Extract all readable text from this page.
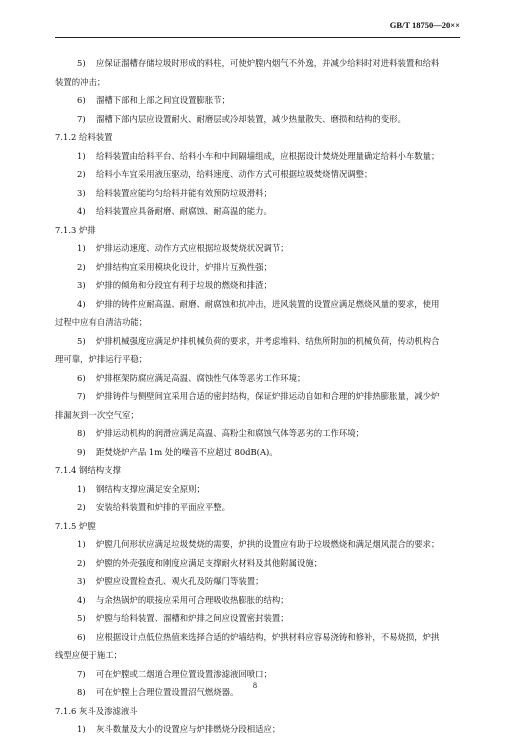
GB/T 18750—20××
5) 应保证溜槽存储垃圾时形成的料柱，可使炉膛内烟气不外逸，并减少给料时对进料装置和给料
装置的冲击；
6) 溜槽下部和上部之间宜设置膨胀节；
7) 溜槽下部内层应设置耐火、耐磨层或冷却装置，减少热量散失、磨损和结构的变形。
7.1.2 给料装置
1) 给料装置由给料平台、给料小车和中间隔墙组成，应根据设计焚烧处理量确定给料小车数量；
2) 给料小车宜采用液压驱动，给料速度、动作方式可根据垃圾焚烧情况调整；
3) 给料装置应能均匀给料并能有效预防垃圾滑料；
4) 给料装置应具备耐磨、耐腐蚀、耐高温的能力。
7.1.3 炉排
1) 炉排运动速度、动作方式应根据垃圾焚烧状况调节；
2) 炉排结构宜采用模块化设计，炉排片互换性强；
3) 炉排的倾角和分段宜有利于垃圾的燃烧和排渣；
4) 炉排的铸件应耐高温、耐磨、耐腐蚀和抗冲击，进风装置的设置应满足燃烧风量的要求，使用
过程中应有自清洁功能；
5) 炉排机械强度应满足炉排机械负荷的要求，并考虑堆料、结焦所附加的机械负荷，传动机构合
理可靠，炉排运行平稳；
6) 炉排框架防腐应满足高温、腐蚀性气体等恶劣工作环境；
7) 炉排铸件与侧壁间宜采用合适的密封结构，保证炉排运动自如和合理的炉排热膨胀量，减少炉
排漏灰到一次空气室；
8) 炉排运动机构的润滑应满足高温、高粉尘和腐蚀气体等恶劣的工作环境；
9) 距焚烧炉产品 1m 处的噪音不应超过 80dB(A)。
7.1.4 钢结构支撑
1) 钢结构支撑应满足安全原则；
2) 安装给料装置和炉排的平面应平整。
7.1.5 炉膛
1) 炉膛几何形状应满足垃圾焚烧的需要，炉拱的设置应有助于垃圾燃烧和满足烟风混合的要求；
2) 炉膛的外壳强度和刚度应满足支撑耐火材料及其他附属设施；
3) 炉膛应设置检查孔、观火孔及防爆门等装置；
4) 与余热锅炉的联接应采用可合理吸收热膨胀的结构；
5) 炉膛与给料装置、溜槽和炉排之间应设置密封装置；
6) 应根据设计点低位热值来选择合适的炉墙结构，炉拱材料应容易浇铸和修补，不易烧损，炉拱
线型应便于施工；
7) 可在炉膛或二烟道合理位置设置渗滤液回喷口；
8) 可在炉膛上合理位置设置沼气燃烧器。
7.1.6 灰斗及渗滤液斗
1) 灰斗数量及大小的设置应与炉排燃烧分段相适应；
8
